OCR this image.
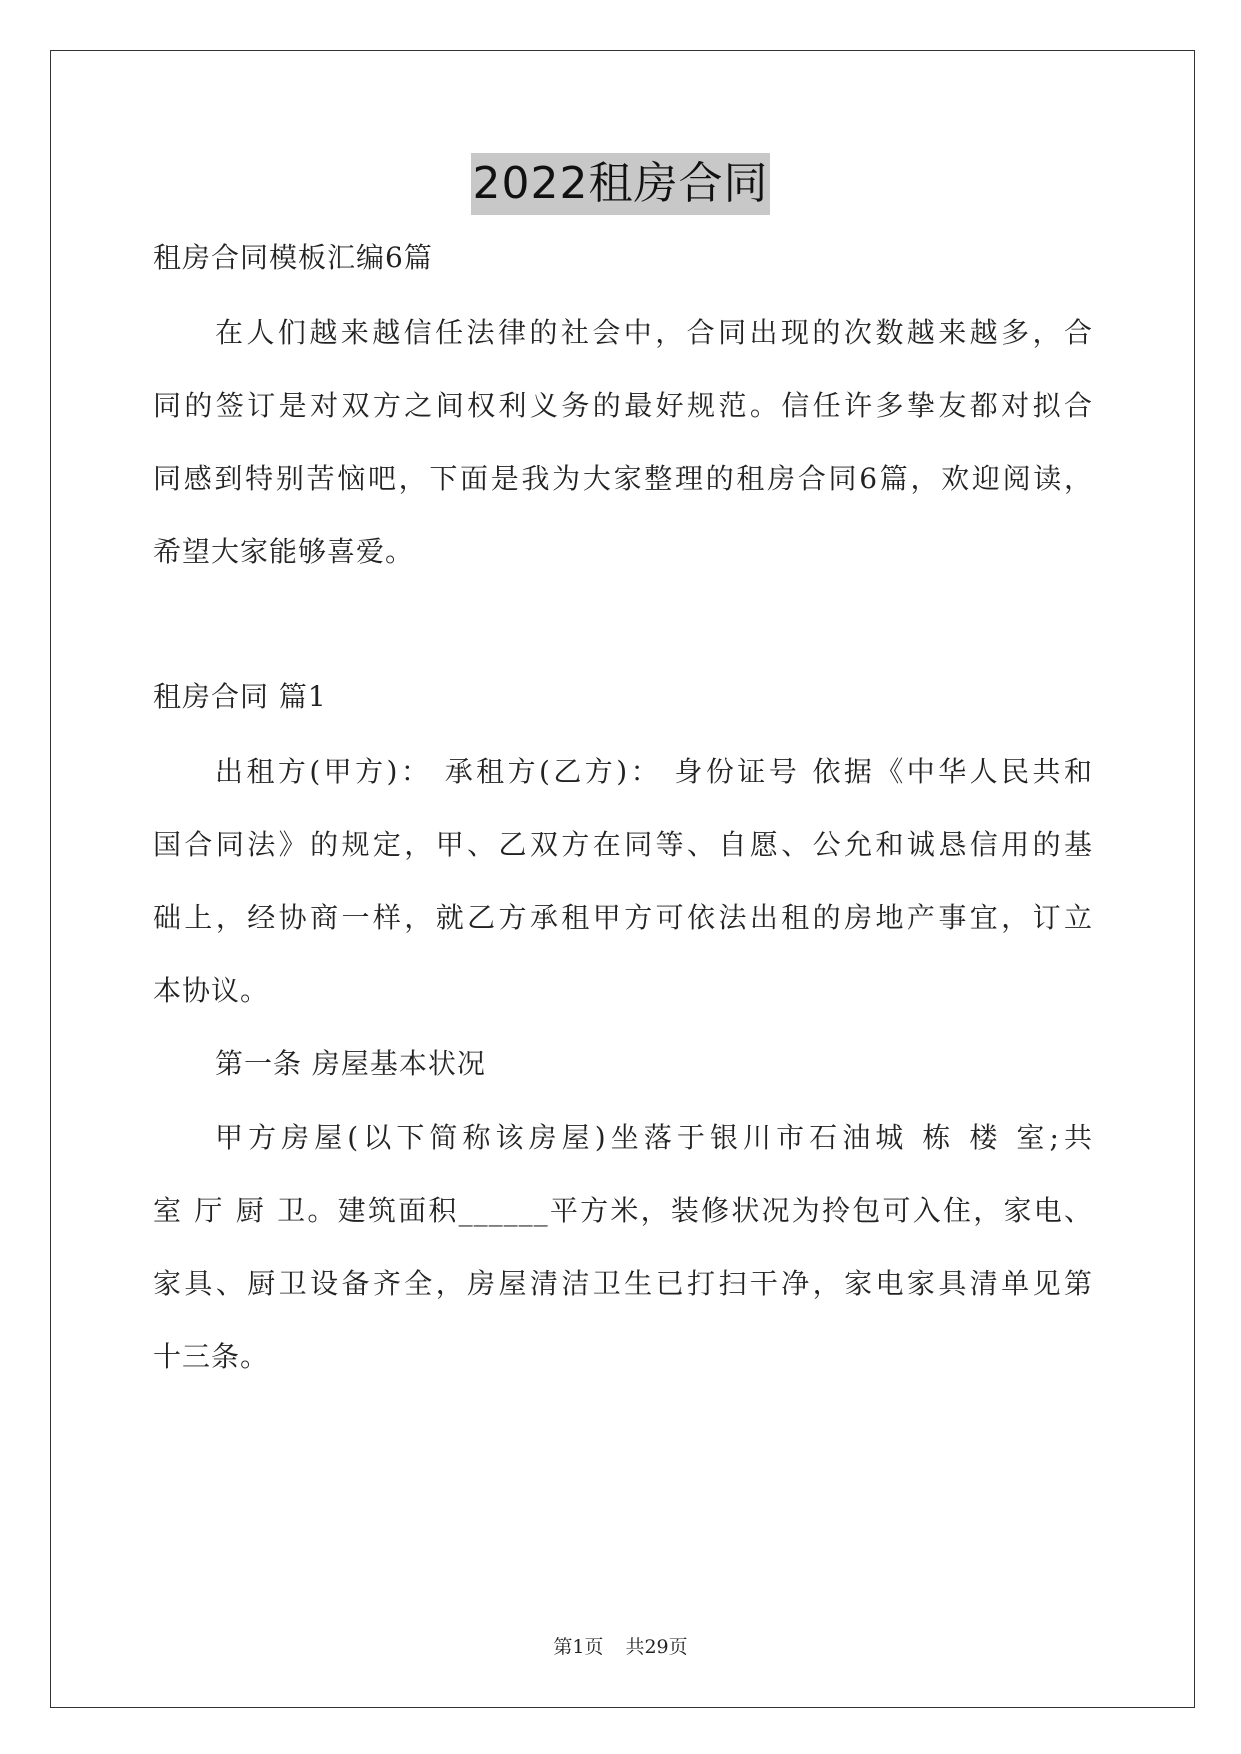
2022租房合同
租房合同模板汇编6篇
在人们越来越信任法律的社会中，合同出现的次数越来越多，合
同的签订是对双方之间权利义务的最好规范。信任许多挚友都对拟合
同感到特别苦恼吧，下面是我为大家整理的租房合同6篇，欢迎阅读，
希望大家能够喜爱。
租房合同 篇1
出租方(甲方)： 承租方(乙方)： 身份证号 依据《中华人民共和
国合同法》的规定，甲、乙双方在同等、自愿、公允和诚恳信用的基
础上，经协商一样，就乙方承租甲方可依法出租的房地产事宜，订立
本协议。
第一条 房屋基本状况
甲方房屋(以下简称该房屋)坐落于银川市石油城 栋 楼 室;共
室 厅 厨 卫。建筑面积______平方米，装修状况为拎包可入住，家电、
家具、厨卫设备齐全，房屋清洁卫生已打扫干净，家电家具清单见第
十三条。
第1页 共29页
